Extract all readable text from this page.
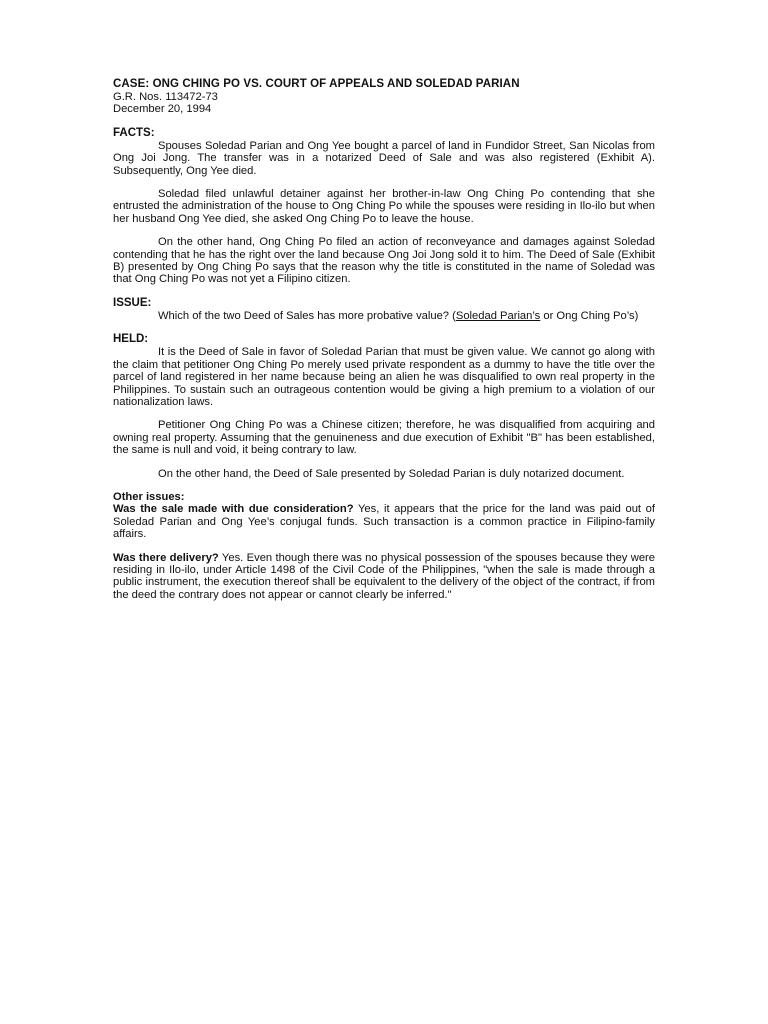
CASE: ONG CHING PO VS. COURT OF APPEALS AND SOLEDAD PARIAN
G.R. Nos. 113472-73
December 20, 1994
FACTS:

Spouses Soledad Parian and Ong Yee bought a parcel of land in Fundidor Street, San Nicolas from Ong Joi Jong. The transfer was in a notarized Deed of Sale and was also registered (Exhibit A). Subsequently, Ong Yee died.

Soledad filed unlawful detainer against her brother-in-law Ong Ching Po contending that she entrusted the administration of the house to Ong Ching Po while the spouses were residing in Ilo-ilo but when her husband Ong Yee died, she asked Ong Ching Po to leave the house.

On the other hand, Ong Ching Po filed an action of reconveyance and damages against Soledad contending that he has the right over the land because Ong Joi Jong sold it to him. The Deed of Sale (Exhibit B) presented by Ong Ching Po says that the reason why the title is constituted in the name of Soledad was that Ong Ching Po was not yet a Filipino citizen.

ISSUE:

Which of the two Deed of Sales has more probative value? (Soledad Parian’s or Ong Ching Po’s)

HELD:

It is the Deed of Sale in favor of Soledad Parian that must be given value. We cannot go along with the claim that petitioner Ong Ching Po merely used private respondent as a dummy to have the title over the parcel of land registered in her name because being an alien he was disqualified to own real property in the Philippines. To sustain such an outrageous contention would be giving a high premium to a violation of our nationalization laws.

Petitioner Ong Ching Po was a Chinese citizen; therefore, he was disqualified from acquiring and owning real property. Assuming that the genuineness and due execution of Exhibit "B" has been established, the same is null and void, it being contrary to law.

On the other hand, the Deed of Sale presented by Soledad Parian is duly notarized document.

Other issues:

Was the sale made with due consideration? Yes, it appears that the price for the land was paid out of Soledad Parian and Ong Yee’s conjugal funds. Such transaction is a common practice in Filipino-family affairs.

Was there delivery? Yes. Even though there was no physical possession of the spouses because they were residing in Ilo-ilo, under Article 1498 of the Civil Code of the Philippines, "when the sale is made through a public instrument, the execution thereof shall be equivalent to the delivery of the object of the contract, if from the deed the contrary does not appear or cannot clearly be inferred."
